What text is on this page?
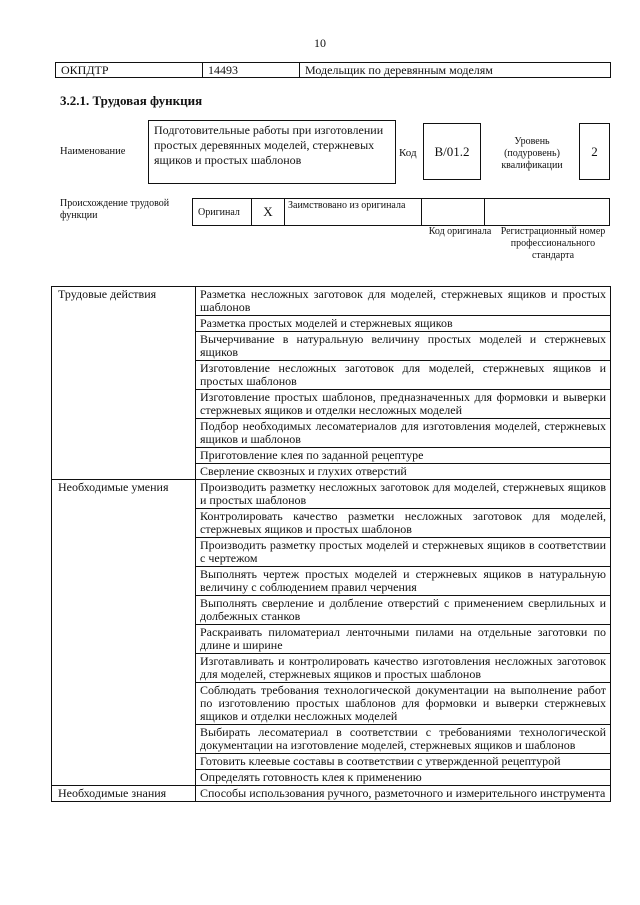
10
ОКПДТР	14493	Модельщик по деревянным моделям
3.2.1. Трудовая функция
Наименование
Подготовительные работы при изготовлении простых деревянных моделей, стержневых ящиков и простых шаблонов	Код	B/01.2
Уровень (подуровень) квалификации
2
Происхождение трудовой функции	Оригинал	X	Заимствовано из оригинала
Код оригинала Регистрационный номер профессионального стандарта
Трудовые действия	Разметка несложных заготовок для моделей, стержневых ящиков и простых шаблонов
	Разметка простых моделей и стержневых ящиков
	Вычерчивание в натуральную величину простых моделей и стержневых ящиков
	Изготовление несложных заготовок для моделей, стержневых ящиков и простых шаблонов
	Изготовление простых шаблонов, предназначенных для формовки и выверки стержневых ящиков и отделки несложных моделей
	Подбор необходимых лесоматериалов для изготовления моделей, стержневых ящиков и шаблонов
	Приготовление клея по заданной рецептуре
	Сверление сквозных и глухих отверстий
Необходимые умения	Производить разметку несложных заготовок для моделей, стержневых ящиков и простых шаблонов
	Контролировать качество разметки несложных заготовок для моделей, стержневых ящиков и простых шаблонов
	Производить разметку простых моделей и стержневых ящиков в соответствии с чертежом
	Выполнять чертеж простых моделей и стержневых ящиков в натуральную величину с соблюдением правил черчения
	Выполнять сверление и долбление отверстий с применением сверлильных и долбежных станков
	Раскраивать пиломатериал ленточными пилами на отдельные заготовки по длине и ширине
	Изготавливать и контролировать качество изготовления несложных заготовок для моделей, стержневых ящиков и простых шаблонов
	Соблюдать требования технологической документации на выполнение работ по изготовлению простых шаблонов для формовки и выверки стержневых ящиков и отделки несложных моделей
	Выбирать лесоматериал в соответствии с требованиями технологической документации на изготовление моделей, стержневых ящиков и шаблонов
	Готовить клеевые составы в соответствии с утвержденной рецептурой
	Определять готовность клея к применению
Необходимые знания	Способы использования ручного, разметочного и измерительного инструмента
